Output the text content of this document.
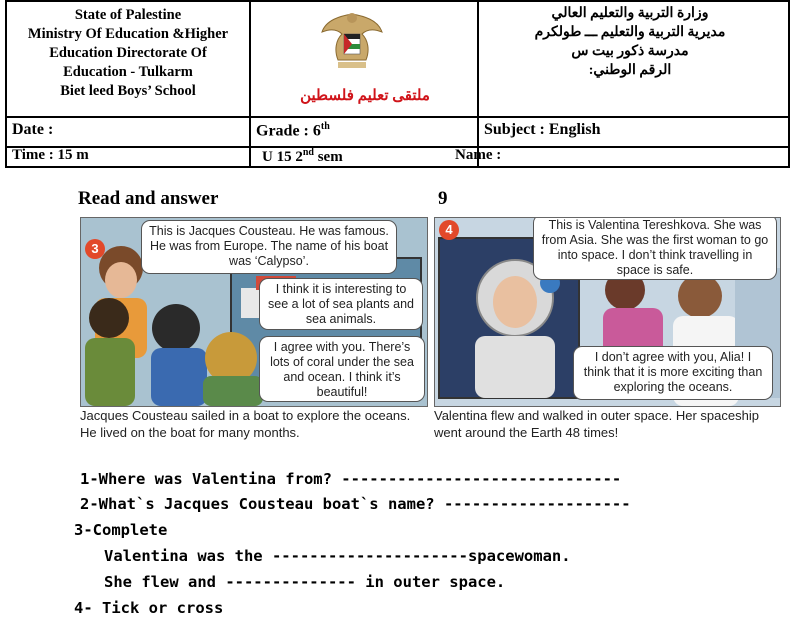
State of Palestine
Ministry Of Education &Higher
Education Directorate Of
Education - Tulkarm
Biet leed Boys’ School	ملتقى تعليم فلسطين
وزارة التربية والتعليم العالي
مديرية التربية والتعليم ـــ طولكرم
مدرسة ذكور بيت س
الرقم الوطني:
Date :	Grade : 6th	Subject : English
Time : 15 m	U 15 2nd sem	Name :
Read and answer	9
3
This is Jacques Cousteau. He was famous. He was from Europe. The name of his boat was ‘Calypso’.
I think it is interesting to see a lot of sea plants and sea animals.
I agree with you. There’s lots of coral under the sea and ocean. I think it’s beautiful!
Jacques Cousteau sailed in a boat to explore the oceans. He lived on the boat for many months.
4	This is Valentina Tereshkova. She was from Asia. She was the first woman to go into space. I don’t think travelling in space is safe.
I don’t agree with you, Alia! I think that it is more exciting than exploring the oceans.
Valentina flew and walked in outer space. Her spaceship went around the Earth 48 times!
1-Where was Valentina from? ------------------------------
2-What`s Jacques Cousteau boat`s name? --------------------
3-Complete
Valentina was the ---------------------spacewoman.
She flew and -------------- in outer space.
4- Tick or cross
